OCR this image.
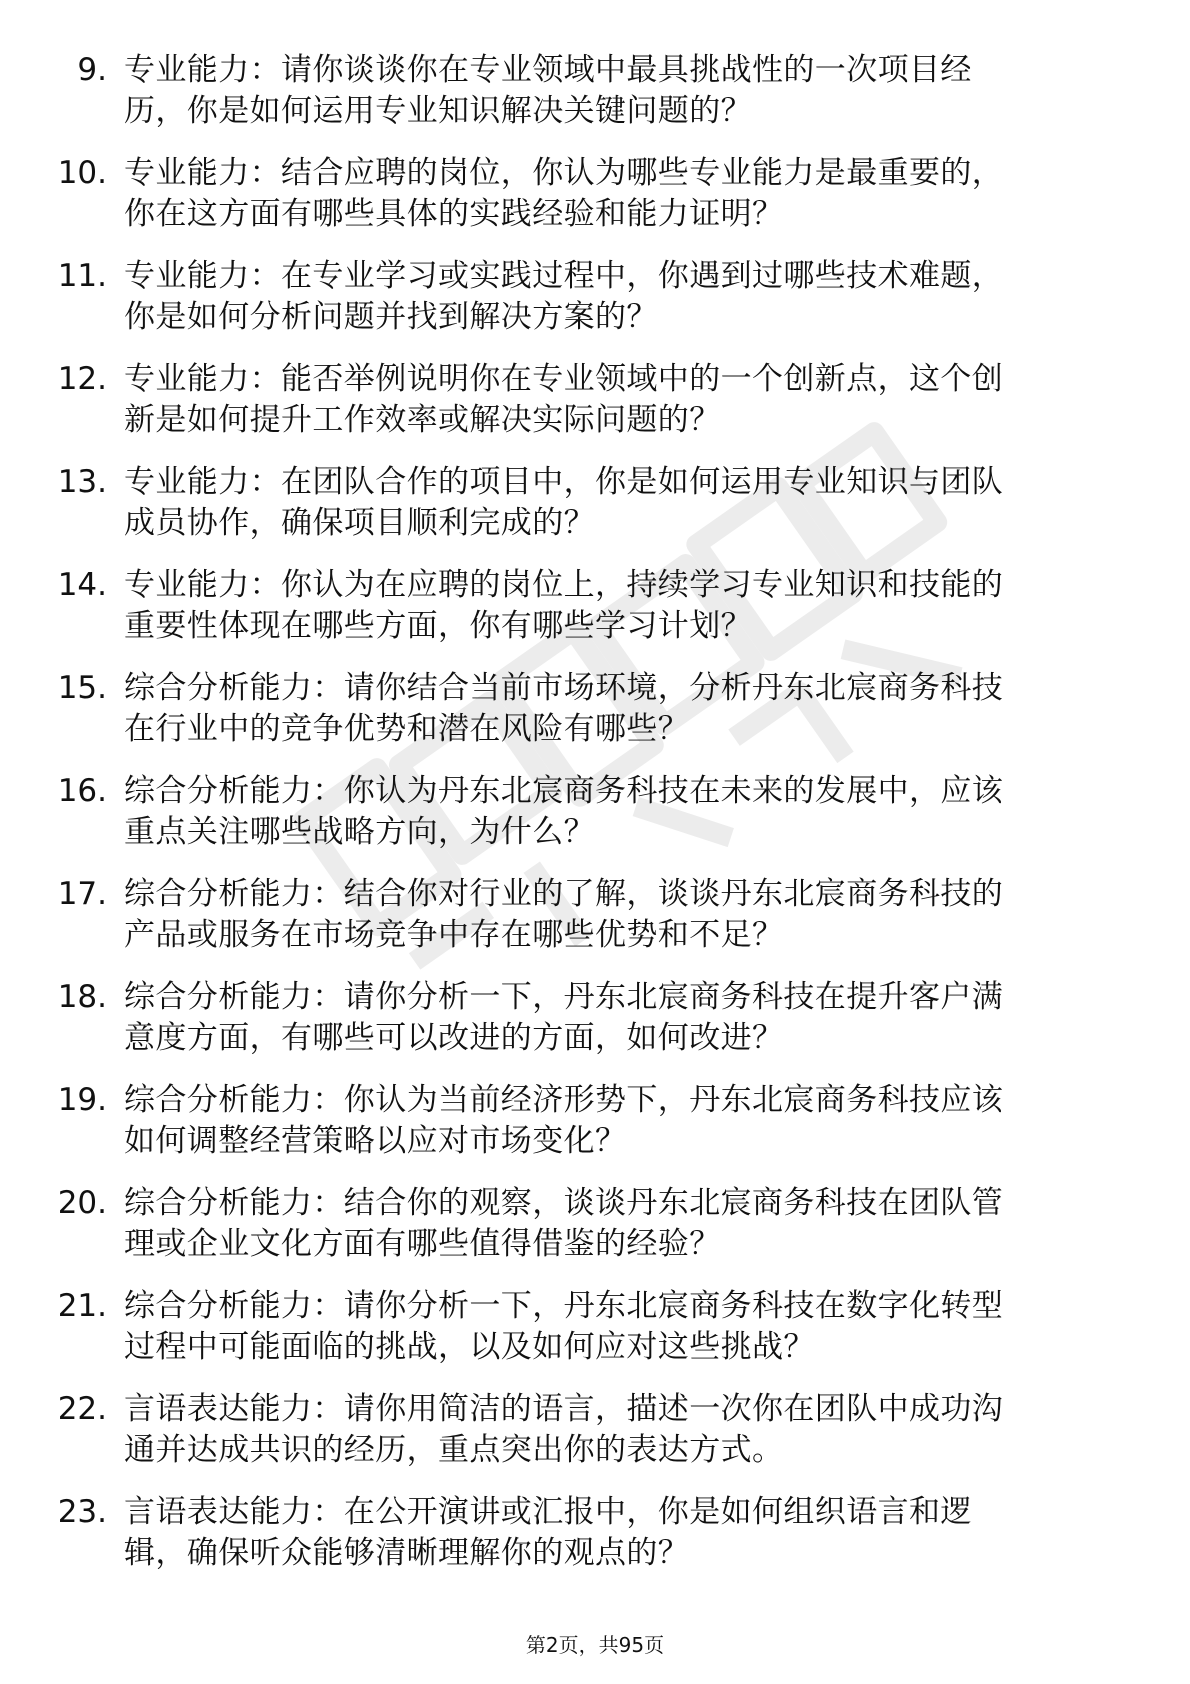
9. 专业能力：请你谈谈你在专业领域中最具挑战性的一次项目经
历，你是如何运用专业知识解决关键问题的？
10. 专业能力：结合应聘的岗位，你认为哪些专业能力是最重要的，
你在这方面有哪些具体的实践经验和能力证明？
11. 专业能力：在专业学习或实践过程中，你遇到过哪些技术难题，
你是如何分析问题并找到解决方案的？
12. 专业能力：能否举例说明你在专业领域中的一个创新点，这个创
新是如何提升工作效率或解决实际问题的？
13. 专业能力：在团队合作的项目中，你是如何运用专业知识与团队
成员协作，确保项目顺利完成的？
14. 专业能力：你认为在应聘的岗位上，持续学习专业知识和技能的
重要性体现在哪些方面，你有哪些学习计划？
15. 综合分析能力：请你结合当前市场环境，分析丹东北宸商务科技
在行业中的竞争优势和潜在风险有哪些？
16. 综合分析能力：你认为丹东北宸商务科技在未来的发展中，应该
重点关注哪些战略方向，为什么？
17. 综合分析能力：结合你对行业的了解，谈谈丹东北宸商务科技的
产品或服务在市场竞争中存在哪些优势和不足？
18. 综合分析能力：请你分析一下，丹东北宸商务科技在提升客户满
意度方面，有哪些可以改进的方面，如何改进？
19. 综合分析能力：你认为当前经济形势下，丹东北宸商务科技应该
如何调整经营策略以应对市场变化？
20. 综合分析能力：结合你的观察，谈谈丹东北宸商务科技在团队管
理或企业文化方面有哪些值得借鉴的经验？
21. 综合分析能力：请你分析一下，丹东北宸商务科技在数字化转型
过程中可能面临的挑战，以及如何应对这些挑战？
22. 言语表达能力：请你用简洁的语言，描述一次你在团队中成功沟
通并达成共识的经历，重点突出你的表达方式。
23. 言语表达能力：在公开演讲或汇报中，你是如何组织语言和逻
辑，确保听众能够清晰理解你的观点的？
第2页，共95页
